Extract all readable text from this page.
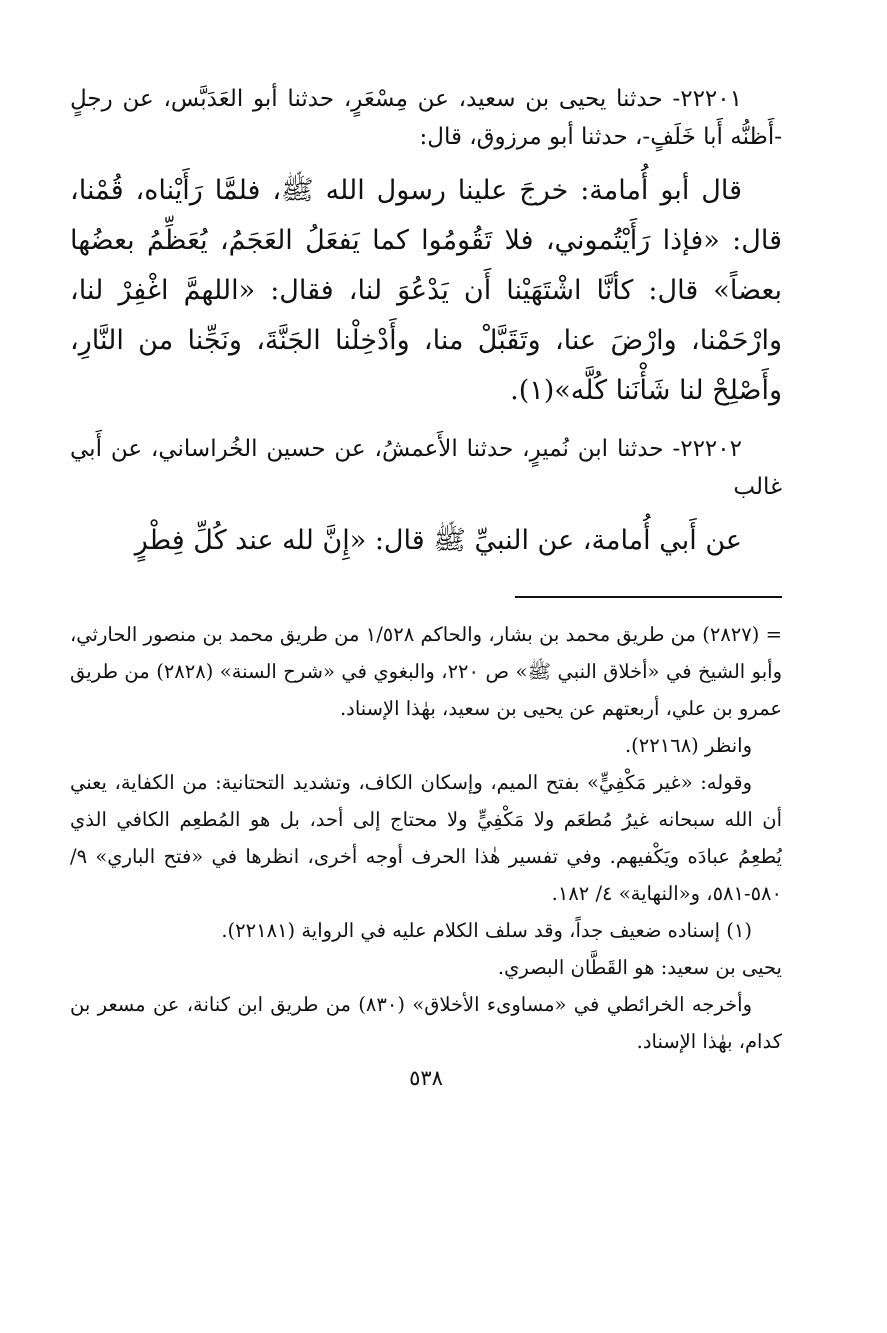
٢٢٢٠١- حدثنا يحيى بن سعيد، عن مِسْعَرٍ، حدثنا أبو العَدَبَّس، عن رجلٍ -أَظنُّه أَبا خَلَفٍ-، حدثنا أبو مرزوق، قال:

قال أبو أُمامة: خرجَ علينا رسول الله ﷺ، فلمَّا رَأَيْناه، قُمْنا، قال: «فإذا رَأَيْتُموني، فلا تَقُومُوا كما يَفعَلُ العَجَمُ، يُعَظِّمُ بعضُها بعضاً» قال: كأنَّا اشْتَهَيْنا أَن يَدْعُوَ لنا، فقال: «اللهمَّ اغْفِرْ لنا، وارْحَمْنا، وارْضَ عنا، وتَقَبَّلْ منا، وأَدْخِلْنا الجَنَّةَ، ونَجِّنا من النَّارِ، وأَصْلِحْ لنا شَأْنَنا كُلَّه»(١).

٢٢٢٠٢- حدثنا ابن نُميرٍ، حدثنا الأَعمشُ، عن حسين الخُراساني، عن أَبي غالب

عن أَبي أُمامة، عن النبيِّ ﷺ قال: «إِنَّ لله عند كُلِّ فِطْرٍ

= (٢٨٢٧) من طريق محمد بن بشار، والحاكم ١/٥٢٨ من طريق محمد بن منصور الحارثي، وأبو الشيخ في «أخلاق النبي ﷺ» ص ٢٢٠، والبغوي في «شرح السنة» (٢٨٢٨) من طريق عمرو بن علي، أربعتهم عن يحيى بن سعيد، بهٰذا الإسناد.

وانظر (٢٢١٦٨).

وقوله: «غير مَكْفِيٍّ» بفتح الميم، وإسكان الكاف، وتشديد التحتانية: من الكفاية، يعني أن الله سبحانه غيرُ مُطعَم ولا مَكْفِيٍّ ولا محتاج إلى أحد، بل هو المُطعِم الكافي الذي يُطعِمُ عبادَه ويَكْفيهم. وفي تفسير هٰذا الحرف أوجه أخرى، انظرها في «فتح الباري» ٩/ ٥٨٠-٥٨١، و«النهاية» ٤/ ١٨٢.

(١) إسناده ضعيف جداً، وقد سلف الكلام عليه في الرواية (٢٢١٨١).

يحيى بن سعيد: هو القَطَّان البصري.

وأخرجه الخرائطي في «مساوىء الأخلاق» (٨٣٠) من طريق ابن كنانة، عن مسعر بن كدام، بهٰذا الإسناد.

٥٣٨
